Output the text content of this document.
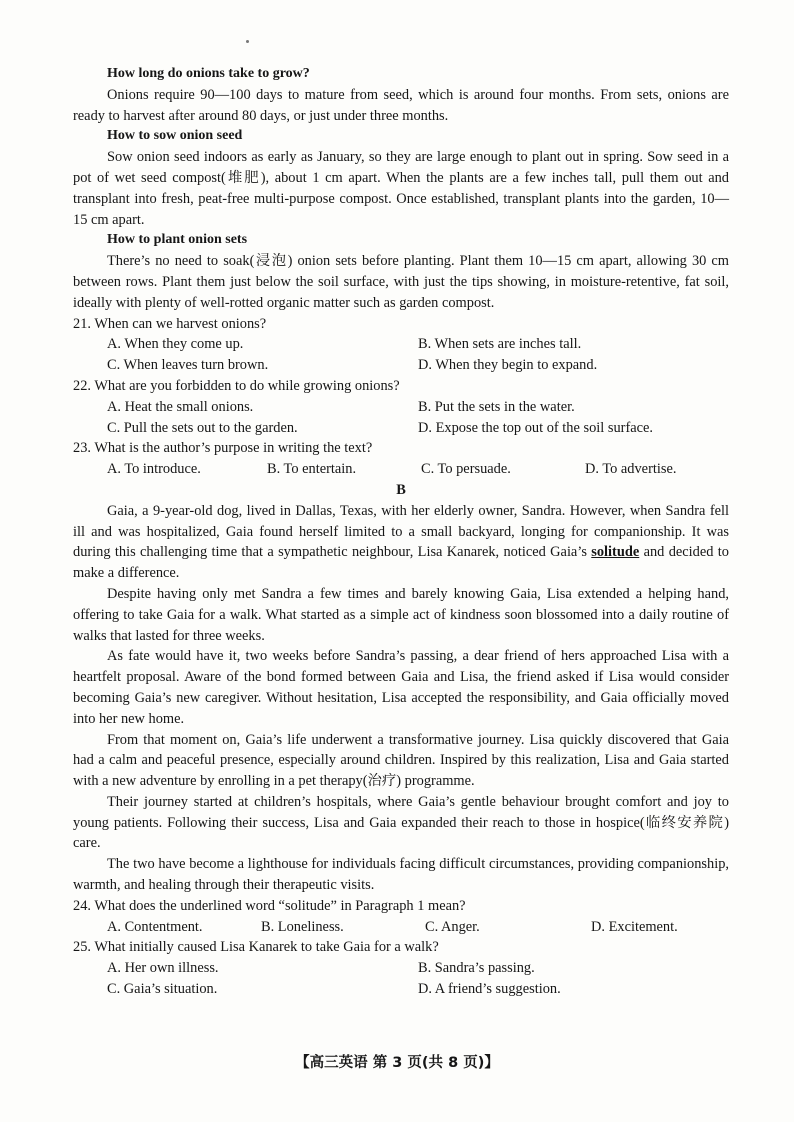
How long do onions take to grow?

Onions require 90—100 days to mature from seed, which is around four months. From sets, onions are ready to harvest after around 80 days, or just under three months.

How to sow onion seed

Sow onion seed indoors as early as January, so they are large enough to plant out in spring. Sow seed in a pot of wet seed compost(堆肥), about 1 cm apart. When the plants are a few inches tall, pull them out and transplant into fresh, peat-free multi-purpose compost. Once established, transplant plants into the garden, 10—15 cm apart.

How to plant onion sets

There’s no need to soak(浸泡) onion sets before planting. Plant them 10—15 cm apart, allowing 30 cm between rows. Plant them just below the soil surface, with just the tips showing, in moisture-retentive, fat soil, ideally with plenty of well-rotted organic matter such as garden compost.

21. When can we harvest onions?

A. When they come up.	B. When sets are inches tall.
C. When leaves turn brown.	D. When they begin to expand.

22. What are you forbidden to do while growing onions?

A. Heat the small onions.	B. Put the sets in the water.
C. Pull the sets out to the garden.	D. Expose the top out of the soil surface.

23. What is the author’s purpose in writing the text?

A. To introduce.	B. To entertain.	C. To persuade.	D. To advertise.

B

Gaia, a 9-year-old dog, lived in Dallas, Texas, with her elderly owner, Sandra. However, when Sandra fell ill and was hospitalized, Gaia found herself limited to a small backyard, longing for companionship. It was during this challenging time that a sympathetic neighbour, Lisa Kanarek, noticed Gaia’s solitude and decided to make a difference.

Despite having only met Sandra a few times and barely knowing Gaia, Lisa extended a helping hand, offering to take Gaia for a walk. What started as a simple act of kindness soon blossomed into a daily routine of walks that lasted for three weeks.

As fate would have it, two weeks before Sandra’s passing, a dear friend of hers approached Lisa with a heartfelt proposal. Aware of the bond formed between Gaia and Lisa, the friend asked if Lisa would consider becoming Gaia’s new caregiver. Without hesitation, Lisa accepted the responsibility, and Gaia officially moved into her new home.

From that moment on, Gaia’s life underwent a transformative journey. Lisa quickly discovered that Gaia had a calm and peaceful presence, especially around children. Inspired by this realization, Lisa and Gaia started with a new adventure by enrolling in a pet therapy(治疗) programme.

Their journey started at children’s hospitals, where Gaia’s gentle behaviour brought comfort and joy to young patients. Following their success, Lisa and Gaia expanded their reach to those in hospice(临终安养院) care.

The two have become a lighthouse for individuals facing difficult circumstances, providing companionship, warmth, and healing through their therapeutic visits.

24. What does the underlined word “solitude” in Paragraph 1 mean?

A. Contentment.	B. Loneliness.	C. Anger.	D. Excitement.

25. What initially caused Lisa Kanarek to take Gaia for a walk?

A. Her own illness.	B. Sandra’s passing.
C. Gaia’s situation.	D. A friend’s suggestion.
【高三英语 第 3 页(共 8 页)】
